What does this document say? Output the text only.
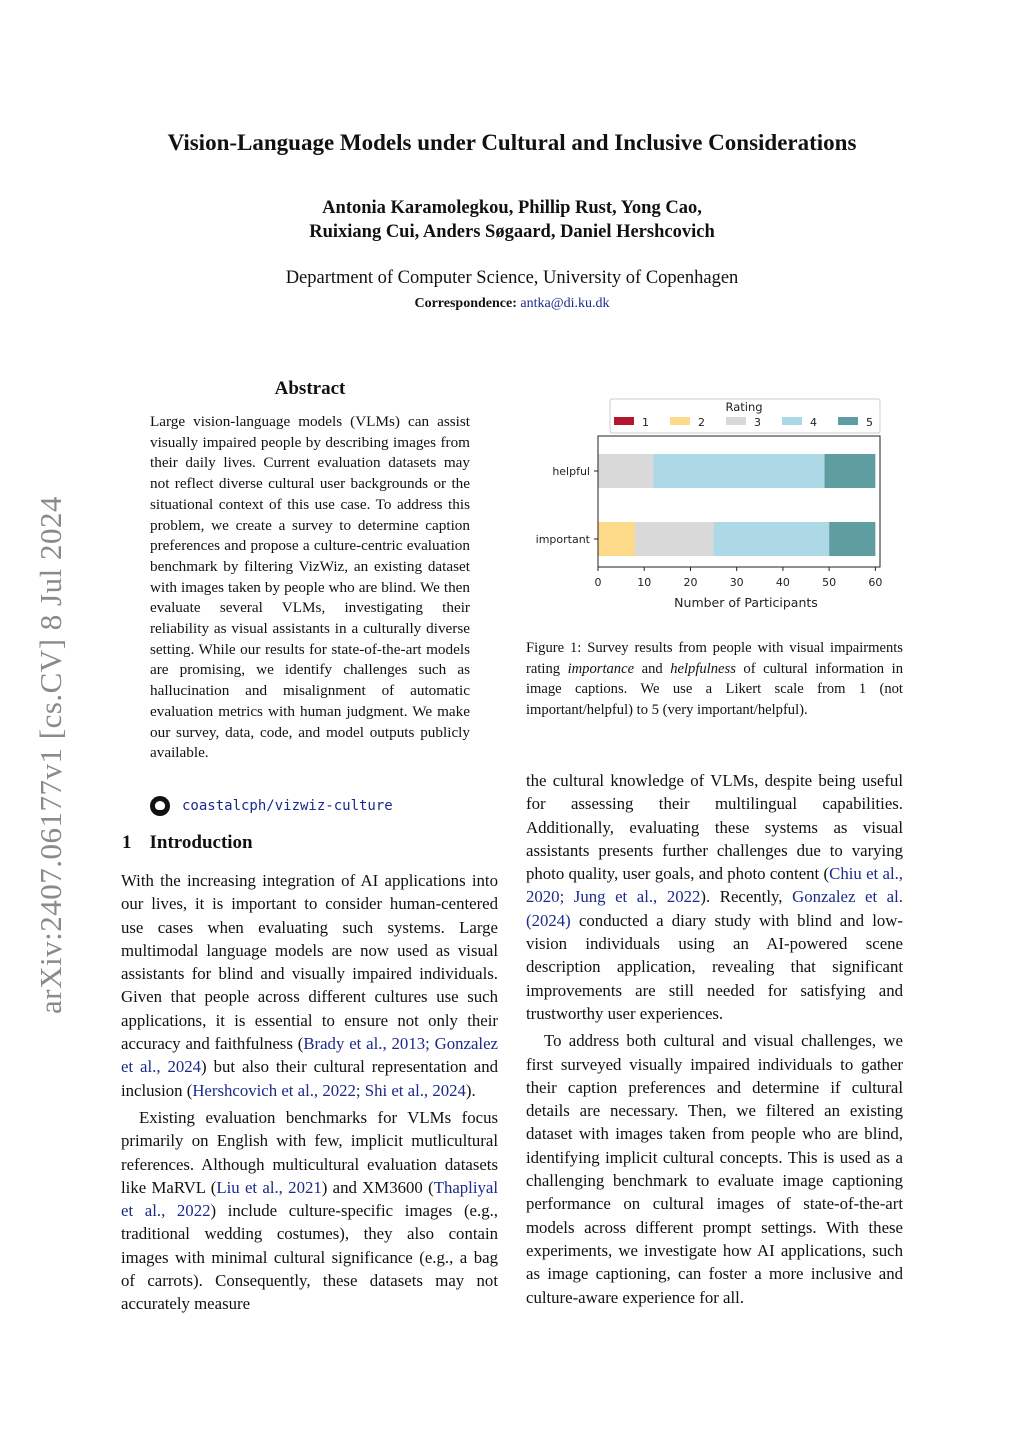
arXiv:2407.06177v1 [cs.CV] 8 Jul 2024
Vision-Language Models under Cultural and Inclusive Considerations
Antonia Karamolegkou, Phillip Rust, Yong Cao,
Ruixiang Cui, Anders Søgaard, Daniel Hershcovich
Department of Computer Science, University of Copenhagen
Correspondence: antka@di.ku.dk
Abstract
Large vision-language models (VLMs) can assist visually impaired people by describing images from their daily lives. Current evaluation datasets may not reflect diverse cultural user backgrounds or the situational context of this use case. To address this problem, we create a survey to determine caption preferences and propose a culture-centric evaluation benchmark by filtering VizWiz, an existing dataset with images taken by people who are blind. We then evaluate several VLMs, investigating their reliability as visual assistants in a culturally diverse setting. While our results for state-of-the-art models are promising, we identify challenges such as hallucination and misalignment of automatic evaluation metrics with human judgment. We make our survey, data, code, and model outputs publicly available.
coastalcph/vizwiz-culture
1 Introduction

With the increasing integration of AI applications into our lives, it is important to consider human-centered use cases when evaluating such systems. Large multimodal language models are now used as visual assistants for blind and visually impaired individuals. Given that people across different cultures use such applications, it is essential to ensure not only their accuracy and faithfulness (Brady et al., 2013; Gonzalez et al., 2024) but also their cultural representation and inclusion (Hershcovich et al., 2022; Shi et al., 2024).

Existing evaluation benchmarks for VLMs focus primarily on English with few, implicit mutlicultural references. Although multicultural evaluation datasets like MaRVL (Liu et al., 2021) and XM3600 (Thapliyal et al., 2022) include culture-specific images (e.g., traditional wedding costumes), they also contain images with minimal cultural significance (e.g., a bag of carrots). Consequently, these datasets may not accurately measure

Rating
1	2	3	4	5
helpful
important
0	10	20	30	40	50	60
Number of Participants
Figure 1: Survey results from people with visual impairments rating importance and helpfulness of cultural information in image captions. We use a Likert scale from 1 (not important/helpful) to 5 (very important/helpful).

the cultural knowledge of VLMs, despite being useful for assessing their multilingual capabilities. Additionally, evaluating these systems as visual assistants presents further challenges due to varying photo quality, user goals, and photo content (Chiu et al., 2020; Jung et al., 2022). Recently, Gonzalez et al. (2024) conducted a diary study with blind and low-vision individuals using an AI-powered scene description application, revealing that significant improvements are still needed for satisfying and trustworthy user experiences.

To address both cultural and visual challenges, we first surveyed visually impaired individuals to gather their caption preferences and determine if cultural details are necessary. Then, we filtered an existing dataset with images taken from people who are blind, identifying implicit cultural concepts. This is used as a challenging benchmark to evaluate image captioning performance on cultural images of state-of-the-art models across different prompt settings. With these experiments, we investigate how AI applications, such as image captioning, can foster a more inclusive and culture-aware experience for all.
